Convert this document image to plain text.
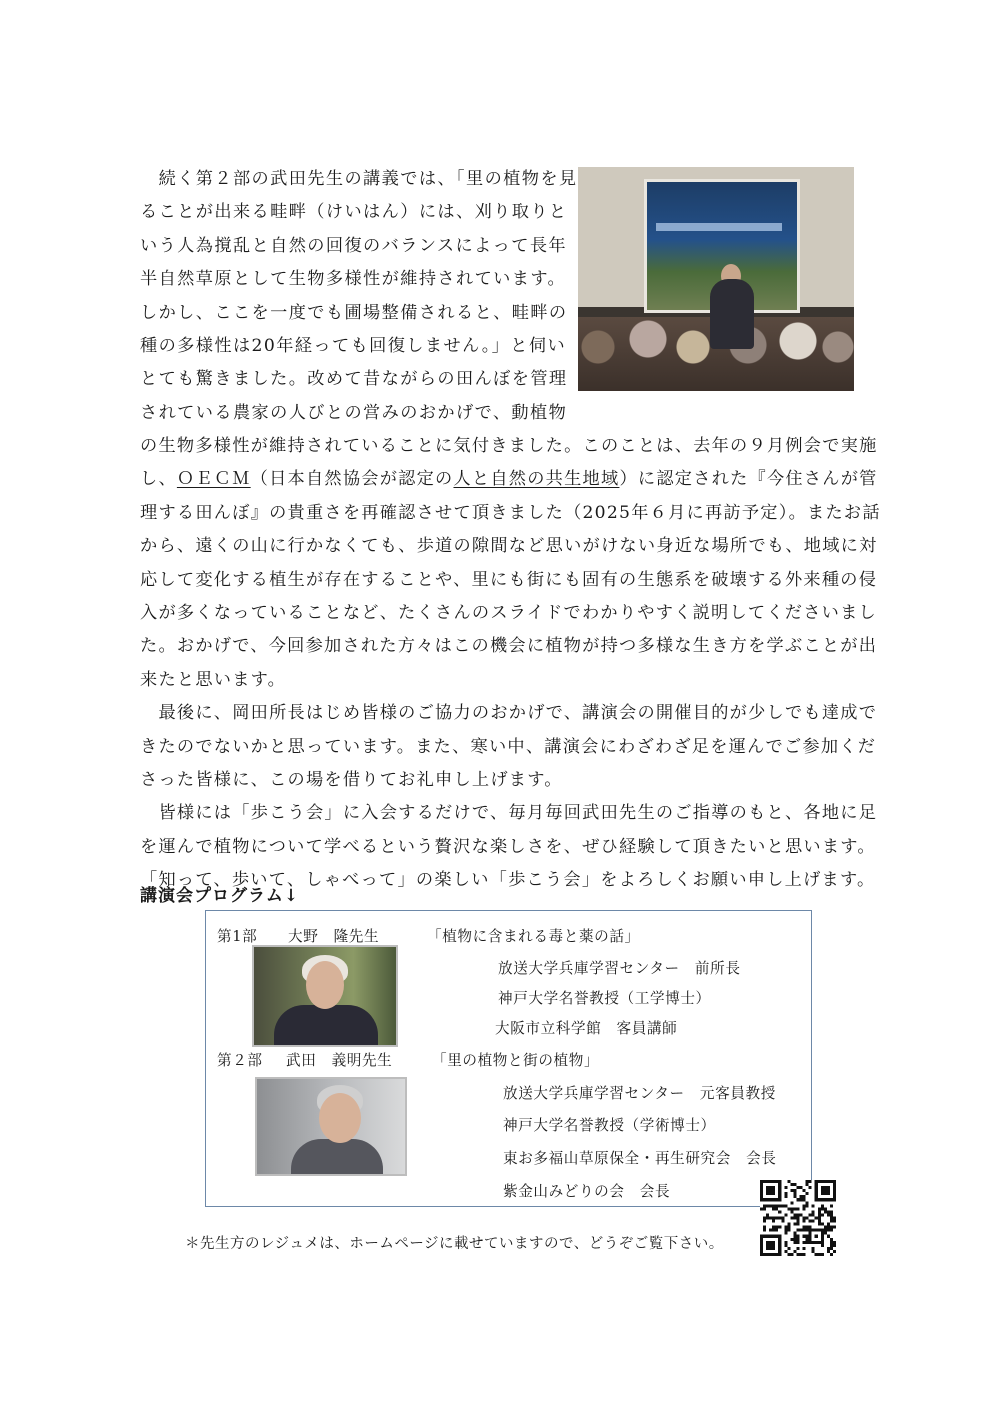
　続く第２部の武田先生の講義では、「里の植物を見
ることが出来る畦畔（けいはん）には、刈り取りと
いう人為撹乱と自然の回復のバランスによって長年
半自然草原として生物多様性が維持されています。
しかし、ここを一度でも圃場整備されると、畦畔の
種の多様性は20年経っても回復しません。」と伺い
とても驚きました。改めて昔ながらの田んぼを管理
されている農家の人びとの営みのおかげで、動植物
の生物多様性が維持されていることに気付きました。このことは、去年の９月例会で実施
し、ＯＥＣＭ（日本自然協会が認定の人と自然の共生地域）に認定された『今住さんが管
理する田んぼ』の貴重さを再確認させて頂きました（2025年６月に再訪予定）。またお話
から、遠くの山に行かなくても、歩道の隙間など思いがけない身近な場所でも、地域に対
応して変化する植生が存在することや、里にも街にも固有の生態系を破壊する外来種の侵
入が多くなっていることなど、たくさんのスライドでわかりやすく説明してくださいまし
た。おかげで、今回参加された方々はこの機会に植物が持つ多様な生き方を学ぶことが出
来たと思います。
　最後に、岡田所長はじめ皆様のご協力のおかげで、講演会の開催目的が少しでも達成で
きたのでないかと思っています。また、寒い中、講演会にわざわざ足を運んでご参加くだ
さった皆様に、この場を借りてお礼申し上げます。
　皆様には「歩こう会」に入会するだけで、毎月毎回武田先生のご指導のもと、各地に足
を運んで植物について学べるという贅沢な楽しさを、ぜひ経験して頂きたいと思います。
「知って、歩いて、しゃべって」の楽しい「歩こう会」をよろしくお願い申し上げます。
講演会プログラム↓
第1部 大野　隆先生	「植物に含まれる毒と薬の話」
放送大学兵庫学習センター　前所長
神戸大学名誉教授（工学博士）
大阪市立科学館　客員講師
第２部 武田　義明先生	「里の植物と街の植物」
放送大学兵庫学習センター　元客員教授
神戸大学名誉教授（学術博士）
東お多福山草原保全・再生研究会　会長
紫金山みどりの会　会長
＊先生方のレジュメは、ホームページに載せていますので、どうぞご覧下さい。
